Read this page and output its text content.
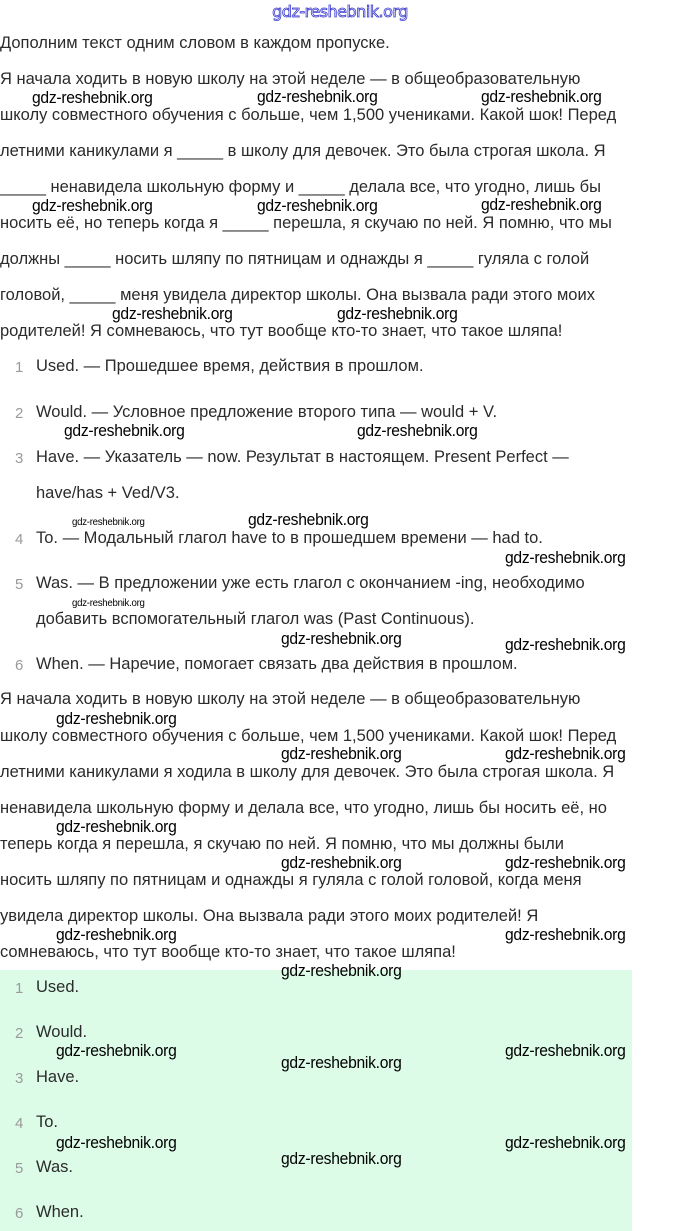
gdz-reshebnik.org
Дополним текст одним словом в каждом пропуске.
Я начала ходить в новую школу на этой неделе — в общеобразовательную
школу совместного обучения с больше, чем 1,500 учениками. Какой шок! Перед
летними каникулами я _____ в школу для девочек. Это была строгая школа. Я
_____ ненавидела школьную форму и _____ делала все, что угодно, лишь бы
носить её, но теперь когда я _____ перешла, я скучаю по ней. Я помню, что мы
должны _____ носить шляпу по пятницам и однажды я _____ гуляла с голой
головой, _____ меня увидела директор школы. Она вызвала ради этого моих
родителей! Я сомневаюсь, что тут вообще кто-то знает, что такое шляпа!
1 Used. — Прошедшее время, действия в прошлом.
2 Would. — Условное предложение второго типа — would + V.
3 Have. — Указатель — now. Результат в настоящем. Present Perfect —
have/has + Ved/V3.
4 To. — Модальный глагол have to в прошедшем времени — had to.
5 Was. — В предложении уже есть глагол с окончанием -ing, необходимо
добавить вспомогательный глагол was (Past Continuous).
6 When. — Наречие, помогает связать два действия в прошлом.
Я начала ходить в новую школу на этой неделе — в общеобразовательную
школу совместного обучения с больше, чем 1,500 учениками. Какой шок! Перед
летними каникулами я ходила в школу для девочек. Это была строгая школа. Я
ненавидела школьную форму и делала все, что угодно, лишь бы носить её, но
теперь когда я перешла, я скучаю по ней. Я помню, что мы должны были
носить шляпу по пятницам и однажды я гуляла с голой головой, когда меня
увидела директор школы. Она вызвала ради этого моих родителей! Я
сомневаюсь, что тут вообще кто-то знает, что такое шляпа!
1 Used.
2 Would.
3 Have.
4 To.
5 Was.
6 When.
gdz-reshebnik.org	gdz-reshebnik.org	gdz-reshebnik.org
gdz-reshebnik.org	gdz-reshebnik.org	gdz-reshebnik.org
gdz-reshebnik.org	gdz-reshebnik.org
gdz-reshebnik.org	gdz-reshebnik.org
gdz-reshebnik.org	gdz-reshebnik.org
gdz-reshebnik.org
gdz-reshebnik.org
gdz-reshebnik.org	gdz-reshebnik.org
gdz-reshebnik.org
gdz-reshebnik.org	gdz-reshebnik.org
gdz-reshebnik.org
gdz-reshebnik.org	gdz-reshebnik.org
gdz-reshebnik.org	gdz-reshebnik.org
gdz-reshebnik.org
gdz-reshebnik.org
gdz-reshebnik.org
gdz-reshebnik.org
gdz-reshebnik.org
gdz-reshebnik.org
gdz-reshebnik.org
